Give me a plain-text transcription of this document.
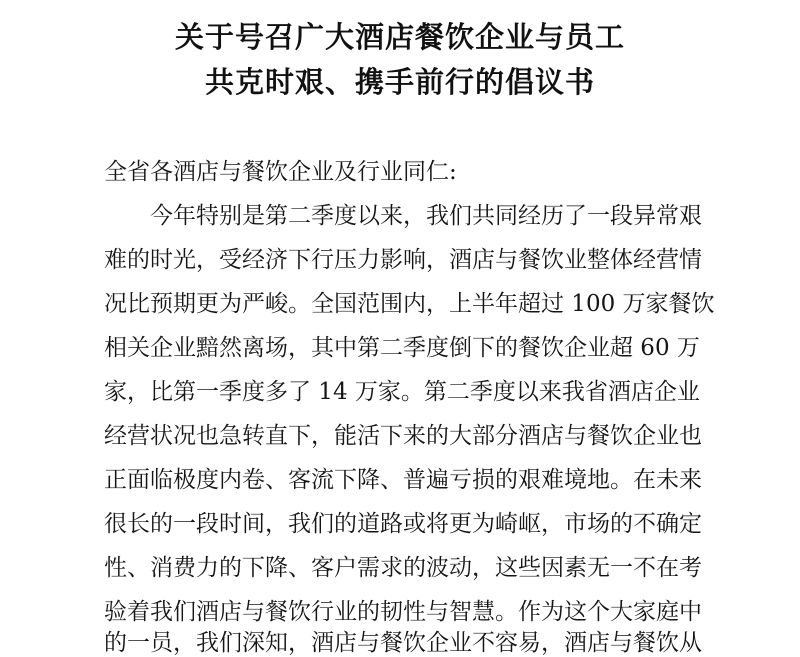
关于号召广大酒店餐饮企业与员工
共克时艰、携手前行的倡议书
全省各酒店与餐饮企业及行业同仁:
今年特别是第二季度以来，我们共同经历了一段异常艰
难的时光，受经济下行压力影响，酒店与餐饮业整体经营情
况比预期更为严峻。全国范围内，上半年超过 100 万家餐饮
相关企业黯然离场，其中第二季度倒下的餐饮企业超 60 万
家，比第一季度多了 14 万家。第二季度以来我省酒店企业
经营状况也急转直下，能活下来的大部分酒店与餐饮企业也
正面临极度内卷、客流下降、普遍亏损的艰难境地。在未来
很长的一段时间，我们的道路或将更为崎岖，市场的不确定
性、消费力的下降、客户需求的波动，这些因素无一不在考
验着我们酒店与餐饮行业的韧性与智慧。作为这个大家庭中
的一员，我们深知，酒店与餐饮企业不容易，酒店与餐饮从
